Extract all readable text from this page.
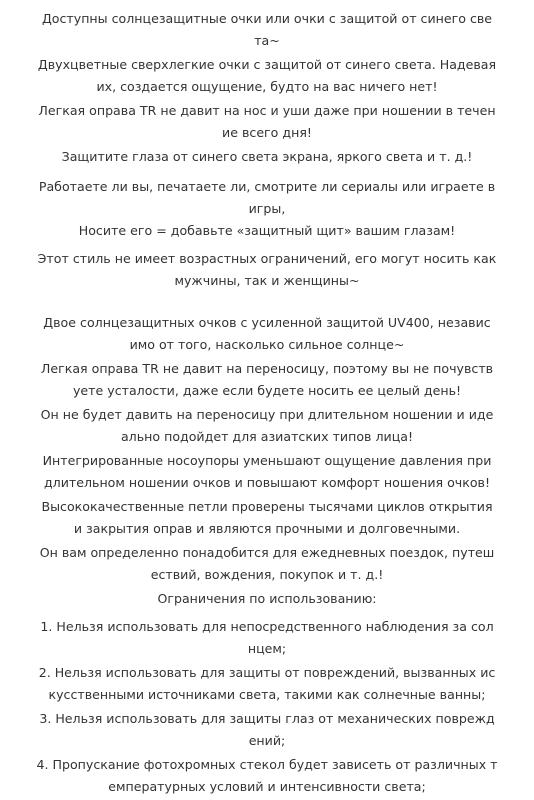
Доступны солнцезащитные очки или очки с защитой от синего све
та~

Двухцветные сверхлегкие очки с защитой от синего света. Надевая
их, создается ощущение, будто на вас ничего нет!

Легкая оправа TR не давит на нос и уши даже при ношении в течен
ие всего дня!

Защитите глаза от синего света экрана, яркого света и т. д.!

Работаете ли вы, печатаете ли, смотрите ли сериалы или играете в
игры,

Носите его = добавьте «защитный щит» вашим глазам!

Этот стиль не имеет возрастных ограничений, его могут носить как
мужчины, так и женщины~

Двое солнцезащитных очков с усиленной защитой UV400, независ
имо от того, насколько сильное солнце~

Легкая оправа TR не давит на переносицу, поэтому вы не почувств
уете усталости, даже если будете носить ее целый день!

Он не будет давить на переносицу при длительном ношении и иде
ально подойдет для азиатских типов лица!

Интегрированные носоупоры уменьшают ощущение давления при
длительном ношении очков и повышают комфорт ношения очков!

Высококачественные петли проверены тысячами циклов открытия
и закрытия оправ и являются прочными и долговечными.

Он вам определенно понадобится для ежедневных поездок, путеш
ествий, вождения, покупок и т. д.!

Ограничения по использованию:

1. Нельзя использовать для непосредственного наблюдения за сол
нцем;

2. Нельзя использовать для защиты от повреждений, вызванных ис
кусственными источниками света, такими как солнечные ванны;

3. Нельзя использовать для защиты глаз от механических поврежд
ений;

4. Пропускание фотохромных стекол будет зависеть от различных т
емпературных условий и интенсивности света;
